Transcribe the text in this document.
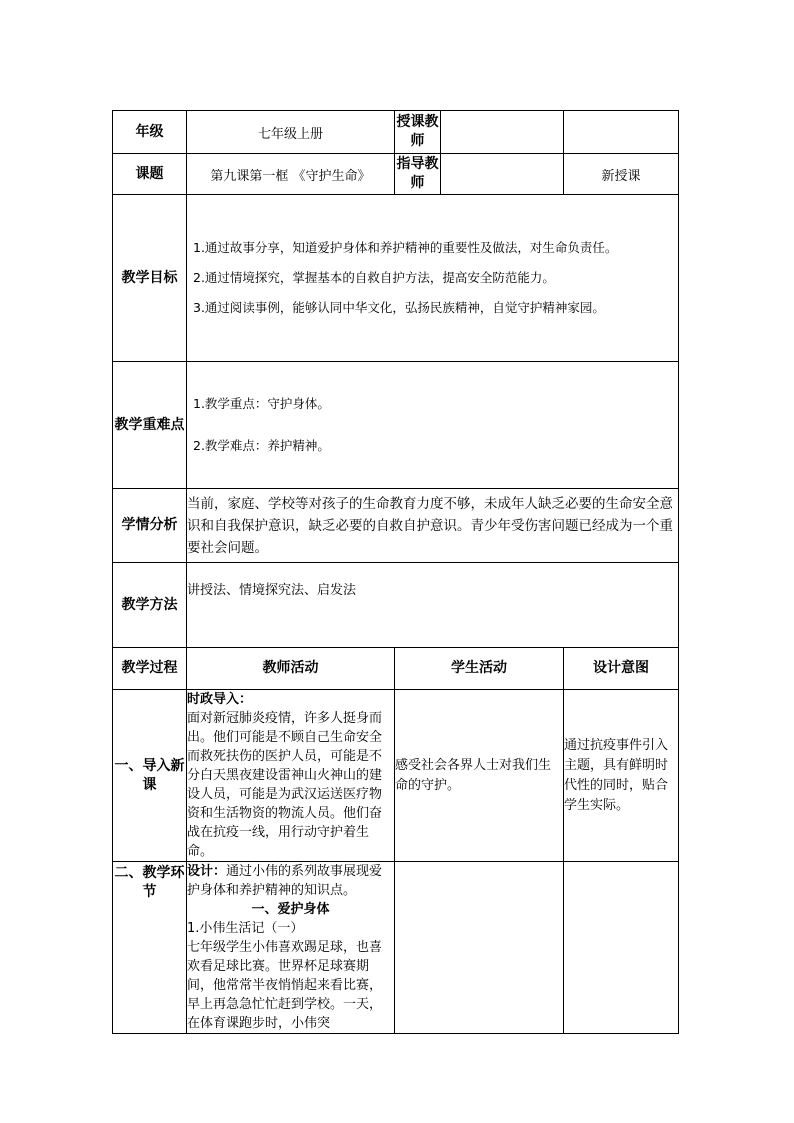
年级	七年级上册	授课教师		
课题	第九课第一框 《守护生命》	指导教师		新授课
教学目标	1.通过故事分享，知道爱护身体和养护精神的重要性及做法，对生命负责任。

2.通过情境探究，掌握基本的自救自护方法，提高安全防范能力。

3.通过阅读事例，能够认同中华文化，弘扬民族精神，自觉守护精神家园。			

教学重难点	1.教学重点：守护身体。

2.教学难点：养护精神。			

学情分析	当前，家庭、学校等对孩子的生命教育力度不够，未成年人缺乏必要的生命安全意识和自我保护意识，缺乏必要的自救自护意识。青少年受伤害问题已经成为一个重要社会问题。			
教学方法	讲授法、情境探究法、启发法			
教学过程	教师活动	学生活动		设计意图
一、导入新课	时政导入：
面对新冠肺炎疫情，许多人挺身而出。他们可能是不顾自己生命安全而救死扶伤的医护人员，可能是不分白天黑夜建设雷神山火神山的建设人员，可能是为武汉运送医疗物资和生活物资的物流人员。他们奋战在抗疫一线，用行动守护着生命。	感受社会各界人士对我们生命的守护。		通过抗疫事件引入主题，具有鲜明时代性的同时，贴合学生实际。
二、教学环节	设计：通过小伟的系列故事展现爱护身体和养护精神的知识点。
一、爱护身体
1.小伟生活记（一）
七年级学生小伟喜欢踢足球，也喜欢看足球比赛。世界杯足球赛期间，他常常半夜悄悄起来看比赛，早上再急急忙忙赶到学校。一天，在体育课跑步时，小伟突			
